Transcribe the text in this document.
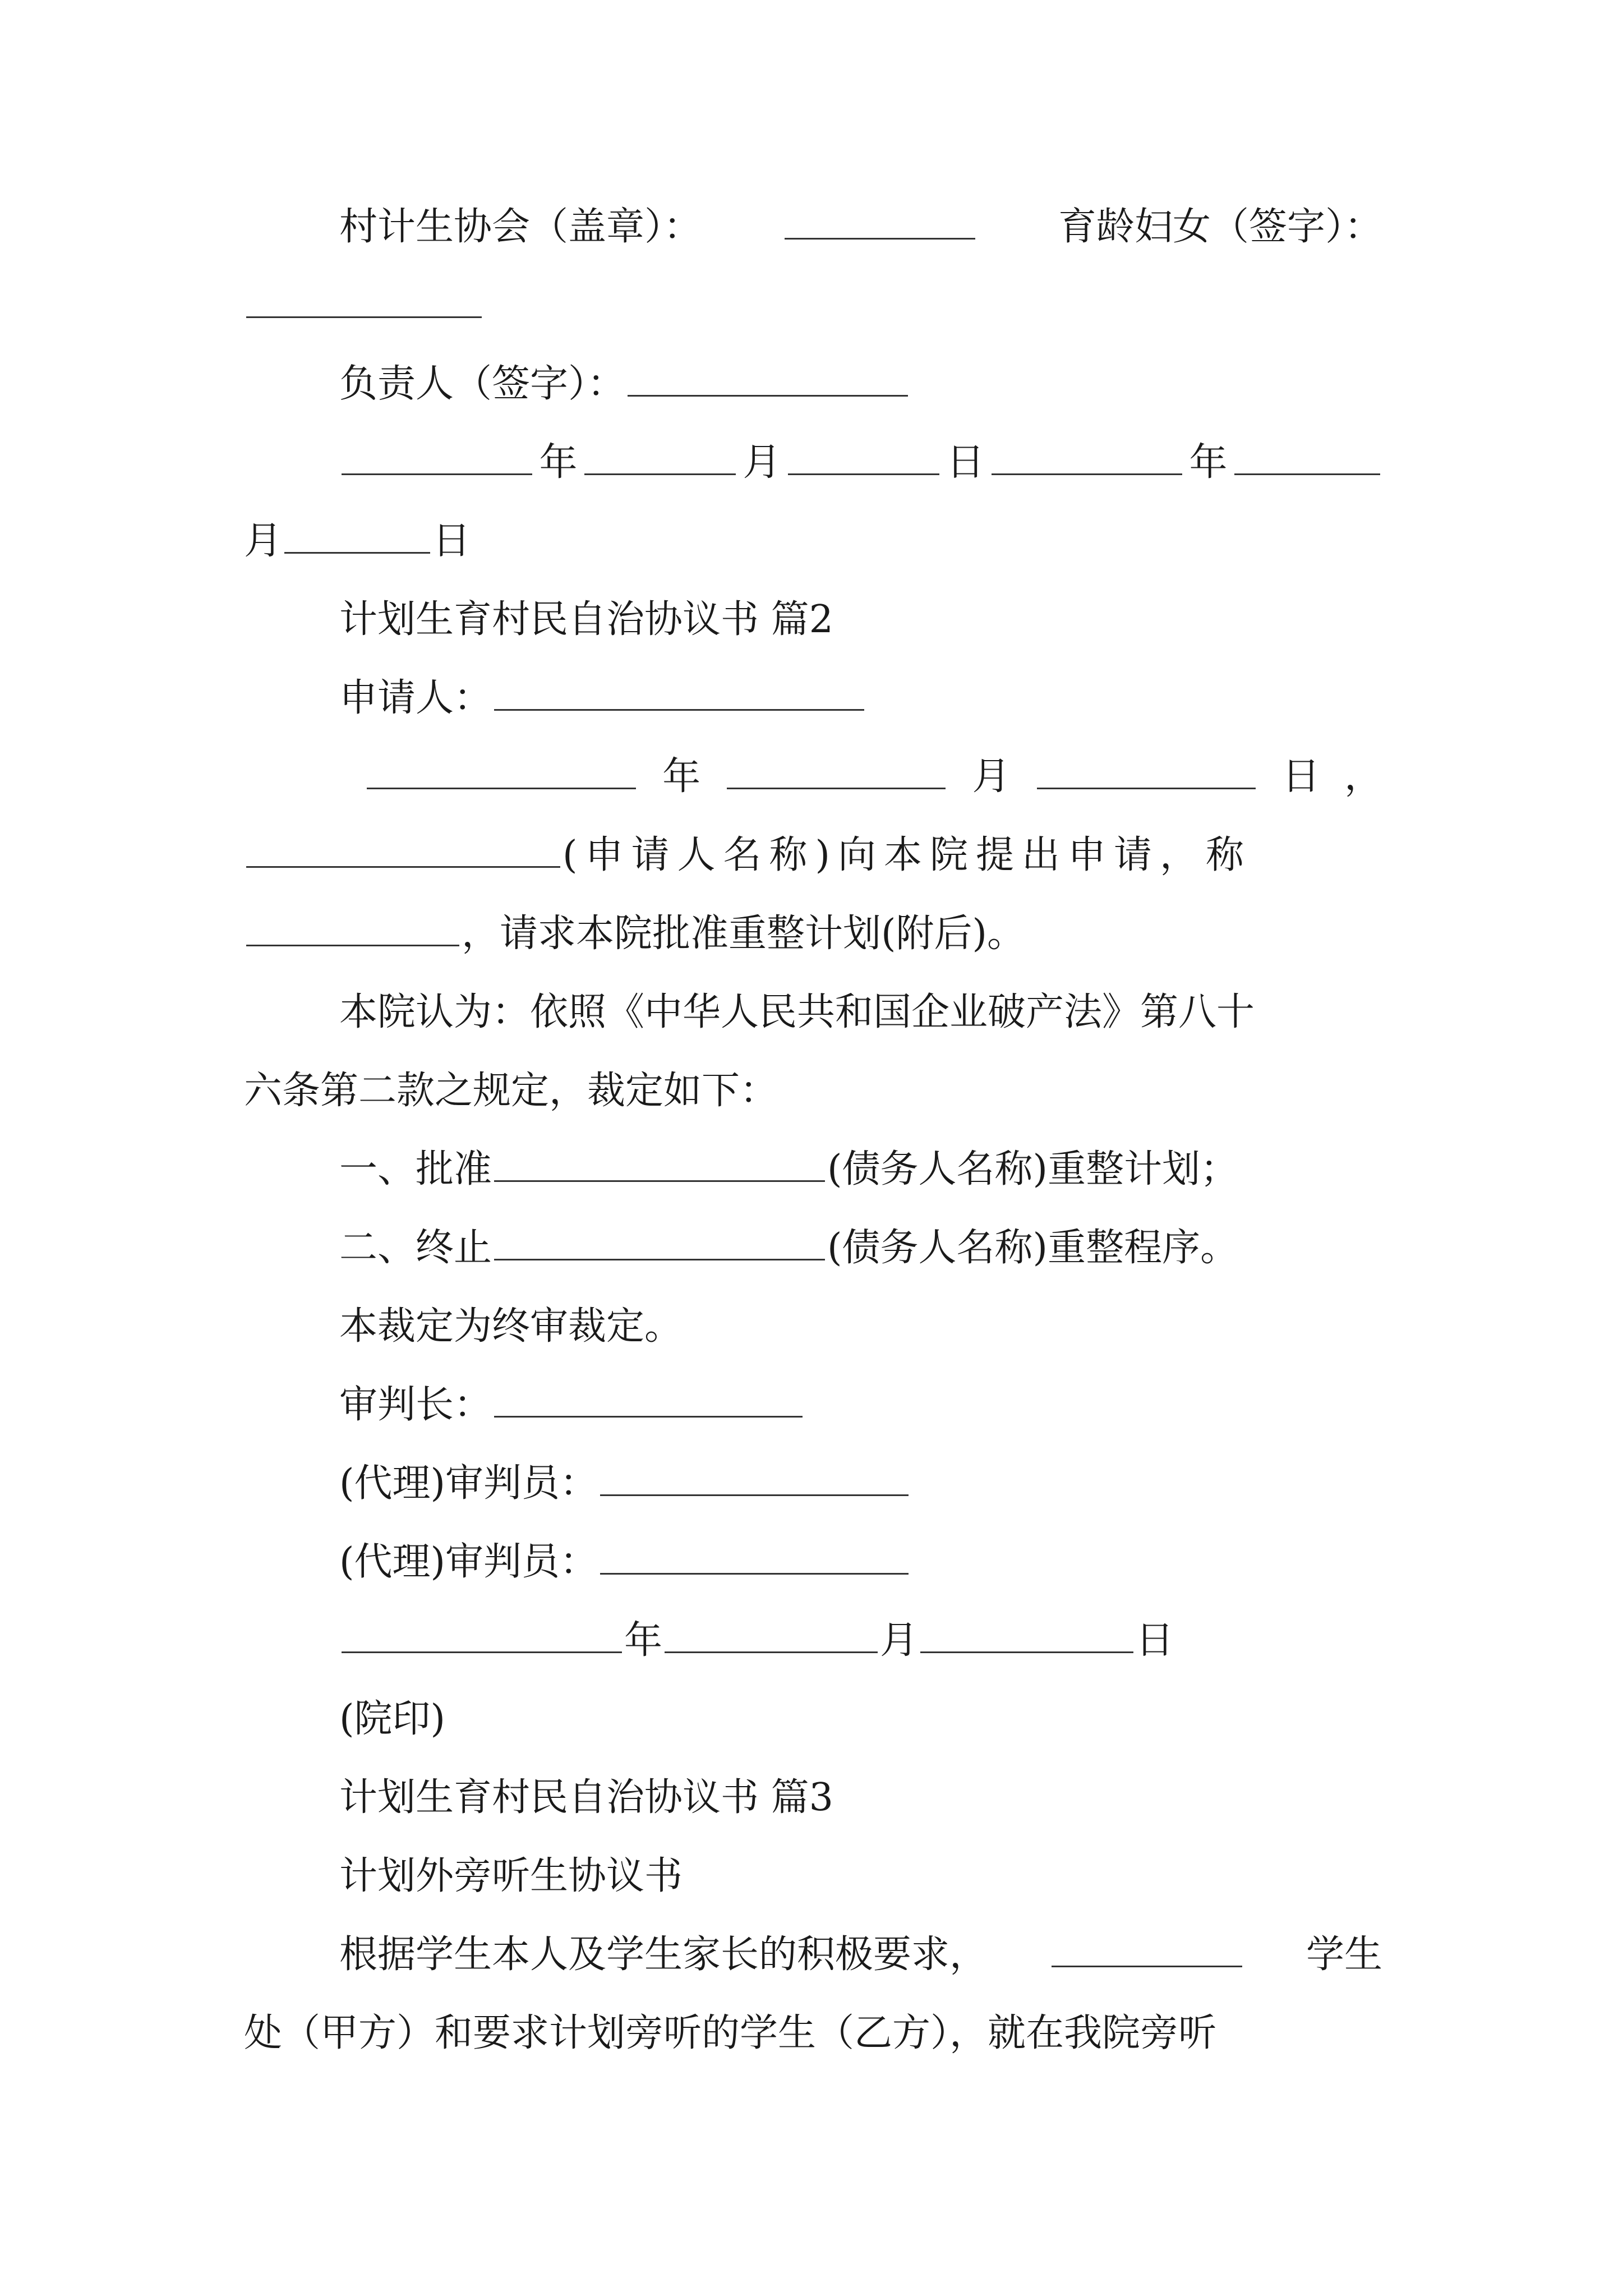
村计生协会（盖章）：	育龄妇女（签字）：
负责人（签字）：
年	月	日	年
月	日
计划生育村民自治协议书 篇2
申请人：
年	月	日 ，
(申请人名称)向本院提出申请，称
，请求本院批准重整计划(附后)。
本院认为：依照《中华人民共和国企业破产法》第八十
六条第二款之规定，裁定如下：
一、批准	(债务人名称)重整计划；
二、终止	(债务人名称)重整程序。
本裁定为终审裁定。
审判长：
(代理)审判员：
(代理)审判员：
年	月	日
(院印)
计划生育村民自治协议书 篇3
计划外旁听生协议书
根据学生本人及学生家长的积极要求，	学生
处（甲方）和要求计划旁听的学生（乙方），就在我院旁听
